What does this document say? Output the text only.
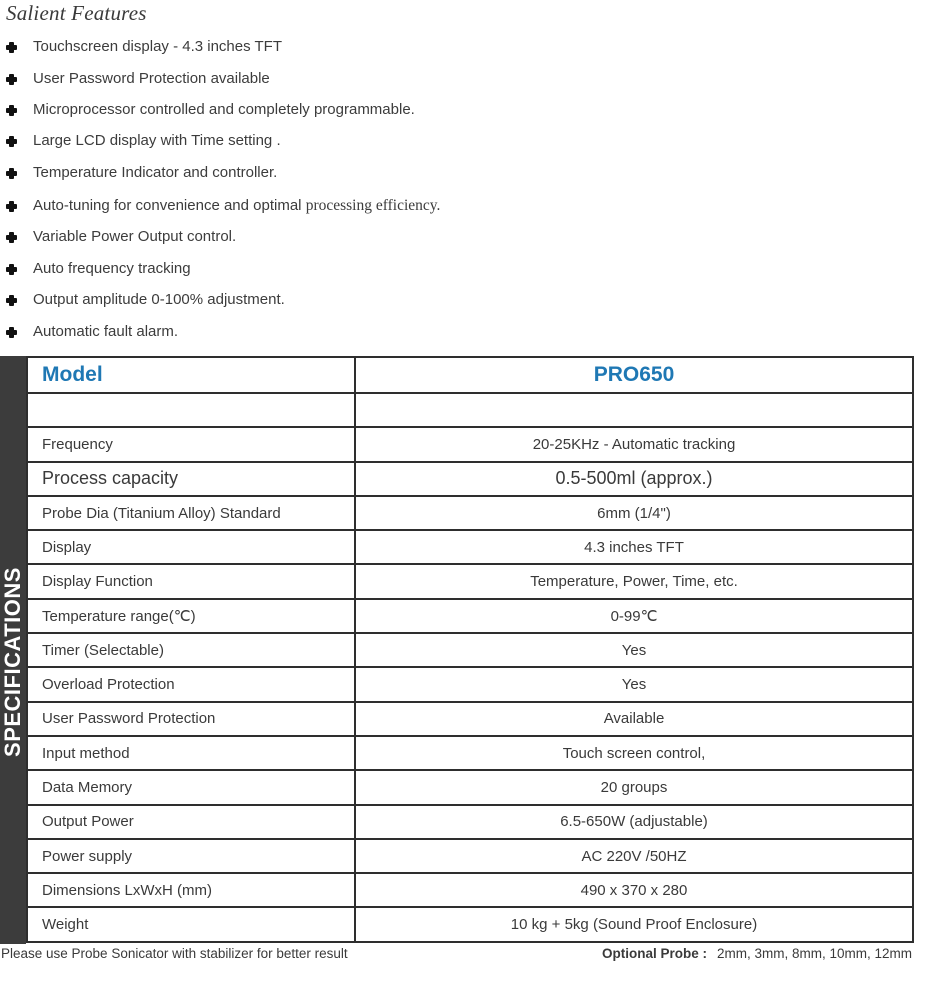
Salient Features
Touchscreen display - 4.3 inches TFT
User Password Protection available
Microprocessor controlled and completely programmable.
Large LCD display with Time setting .
Temperature Indicator and controller.
Auto-tuning for convenience and optimal processing efficiency.
Variable Power Output control.
Auto frequency tracking
Output amplitude 0-100% adjustment.
Automatic fault alarm.
SPECIFICATIONS
Model	PRO650

Frequency	20-25KHz - Automatic tracking
Process capacity	0.5-500ml (approx.)
Probe Dia (Titanium Alloy) Standard	6mm (1/4")
Display	4.3 inches TFT
Display Function	Temperature, Power, Time, etc.
Temperature range(℃)	0-99℃
Timer (Selectable)	Yes
Overload Protection	Yes
User Password Protection	Available
Input method	Touch screen control,
Data Memory	20 groups
Output Power	6.5-650W (adjustable)
Power supply	AC 220V /50HZ
Dimensions LxWxH (mm)	490 x 370 x 280
Weight	10 kg + 5kg (Sound Proof Enclosure)
Please use Probe Sonicator with stabilizer for better result	Optional Probe : 2mm, 3mm, 8mm, 10mm, 12mm
